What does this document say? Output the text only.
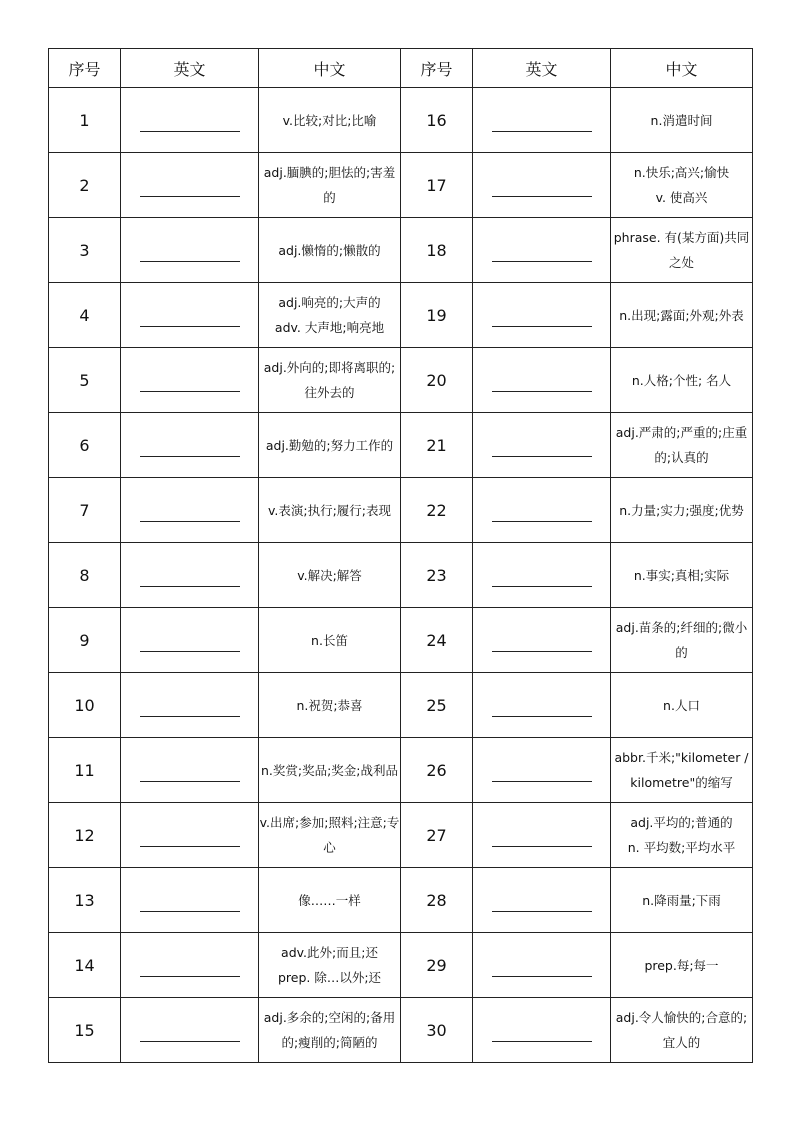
序号	英文	中文	序号	英文	中文
1		v.比较;对比;比喻	16		n.消遣时间
2		adj.腼腆的;胆怯的;害羞的	17		n.快乐;高兴;愉快
v. 使高兴
3		adj.懒惰的;懒散的	18		phrase. 有(某方面)共同之处
4		adj.响亮的;大声的
adv. 大声地;响亮地	19		n.出现;露面;外观;外表
5		adj.外向的;即将离职的;往外去的	20		n.人格;个性; 名人
6		adj.勤勉的;努力工作的	21		adj.严肃的;严重的;庄重的;认真的
7		v.表演;执行;履行;表现	22		n.力量;实力;强度;优势
8		v.解决;解答	23		n.事实;真相;实际
9		n.长笛	24		adj.苗条的;纤细的;微小的
10		n.祝贺;恭喜	25		n.人口
11		n.奖赏;奖品;奖金;战利品	26		abbr.千米;"kilometer / kilometre"的缩写
12		v.出席;参加;照料;注意;专心	27		adj.平均的;普通的
n. 平均数;平均水平
13		像……一样	28		n.降雨量;下雨
14		adv.此外;而且;还
prep. 除…以外;还	29		prep.每;每一
15		adj.多余的;空闲的;备用的;瘦削的;简陋的	30		adj.令人愉快的;合意的;宜人的
